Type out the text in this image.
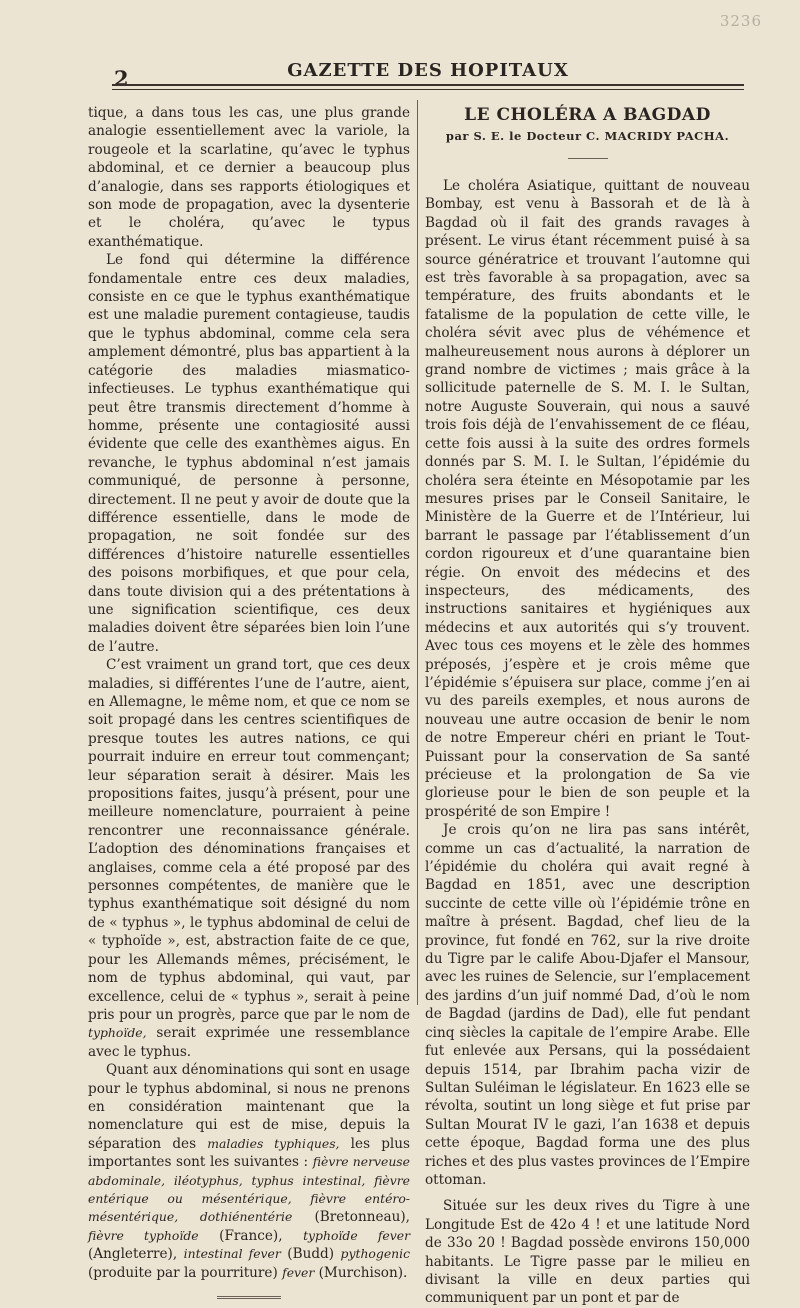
3236
2	GAZETTE DES HOPITAUX

tique, a dans tous les cas, une plus grande analogie essentiellement avec la variole, la rougeole et la scarlatine, qu’avec le typhus abdominal, et ce dernier a beaucoup plus d’analogie, dans ses rapports étiologiques et son mode de propagation, avec la dysenterie et le choléra, qu’avec le typus exanthématique.

Le fond qui détermine la différence fondamentale entre ces deux maladies, consiste en ce que le typhus exanthématique est une maladie purement contagieuse, taudis que le typhus abdominal, comme cela sera amplement démontré, plus bas appartient à la catégorie des maladies miasmatico-infectieuses. Le typhus exanthématique qui peut être transmis directement d’homme à homme, présente une contagiosité aussi évidente que celle des exanthèmes aigus. En revanche, le typhus abdominal n’est jamais communiqué, de personne à personne, directement. Il ne peut y avoir de doute que la différence essentielle, dans le mode de propagation, ne soit fondée sur des différences d’histoire naturelle essentielles des poisons morbifiques, et que pour cela, dans toute division qui a des prétentations à une signification scientifique, ces deux maladies doivent être séparées bien loin l’une de l’autre.

C’est vraiment un grand tort, que ces deux maladies, si différentes l’une de l’autre, aient, en Allemagne, le même nom, et que ce nom se soit propagé dans les centres scientifiques de presque toutes les autres nations, ce qui pourrait induire en erreur tout commençant; leur séparation serait à désirer. Mais les propositions faites, jusqu’à présent, pour une meilleure nomenclature, pourraient à peine rencontrer une reconnaissance générale. L’adoption des dénominations françaises et anglaises, comme cela a été proposé par des personnes compétentes, de manière que le typhus exanthématique soit désigné du nom de « typhus », le typhus abdominal de celui de « typhoïde », est, abstraction faite de ce que, pour les Allemands mêmes, précisément, le nom de typhus abdominal, qui vaut, par excellence, celui de « typhus », serait à peine pris pour un progrès, parce que par le nom de typhoïde, serait exprimée une ressemblance avec le typhus.

Quant aux dénominations qui sont en usage pour le typhus abdominal, si nous ne prenons en considération maintenant que la nomenclature qui est de mise, depuis la séparation des maladies typhiques, les plus importantes sont les suivantes : fièvre nerveuse abdominale, iléotyphus, typhus intestinal, fièvre entérique ou mésentérique, fièvre entéro-mésentérique, dothiénentérie (Bretonneau), fièvre typhoïde (France), typhoïde fever (Angleterre), intestinal fever (Budd) pythogenic (produite par la pourriture) fever (Murchison).

LE CHOLÉRA A BAGDAD
par S. E. le Docteur C. MACRIDY PACHA.

Le choléra Asiatique, quittant de nouveau Bombay, est venu à Bassorah et de là à Bagdad où il fait des grands ravages à présent. Le virus étant récemment puisé à sa source génératrice et trouvant l’automne qui est très favorable à sa propagation, avec sa température, des fruits abondants et le fatalisme de la population de cette ville, le choléra sévit avec plus de véhémence et malheureusement nous aurons à déplorer un grand nombre de victimes ; mais grâce à la sollicitude paternelle de S. M. I. le Sultan, notre Auguste Souverain, qui nous a sauvé trois fois déjà de l’envahissement de ce fléau, cette fois aussi à la suite des ordres formels donnés par S. M. I. le Sultan, l’épidémie du choléra sera éteinte en Mésopotamie par les mesures prises par le Conseil Sanitaire, le Ministère de la Guerre et de l’Intérieur, lui barrant le passage par l’établissement d’un cordon rigoureux et d’une quarantaine bien régie. On envoit des médecins et des inspecteurs, des médicaments, des instructions sanitaires et hygiéniques aux médecins et aux autorités qui s’y trouvent. Avec tous ces moyens et le zèle des hommes préposés, j’espère et je crois même que l’épidémie s’épuisera sur place, comme j’en ai vu des pareils exemples, et nous aurons de nouveau une autre occasion de benir le nom de notre Empereur chéri en priant le Tout-Puissant pour la conservation de Sa santé précieuse et la prolongation de Sa vie glorieuse pour le bien de son peuple et la prospérité de son Empire !

Je crois qu’on ne lira pas sans intérêt, comme un cas d’actualité, la narration de l’épidémie du choléra qui avait regné à Bagdad en 1851, avec une description succinte de cette ville où l’épidémie trône en maître à présent. Bagdad, chef lieu de la province, fut fondé en 762, sur la rive droite du Tigre par le calife Abou-Djafer el Mansour, avec les ruines de Selencie, sur l’emplacement des jardins d’un juif nommé Dad, d’où le nom de Bagdad (jardins de Dad), elle fut pendant cinq siècles la capitale de l’empire Arabe. Elle fut enlevée aux Persans, qui la possédaient depuis 1514, par Ibrahim pacha vizir de Sultan Suléiman le législateur. En 1623 elle se révolta, soutint un long siège et fut prise par Sultan Mourat IV le gazi, l’an 1638 et depuis cette époque, Bagdad forma une des plus riches et des plus vastes provinces de l’Empire ottoman.

Située sur les deux rives du Tigre à une Longitude Est de 42o 4 ! et une latitude Nord de 33o 20 ! Bagdad possède environs 150,000 habitants. Le Tigre passe par le milieu en divisant la ville en deux parties qui communiquent par un pont et par de
